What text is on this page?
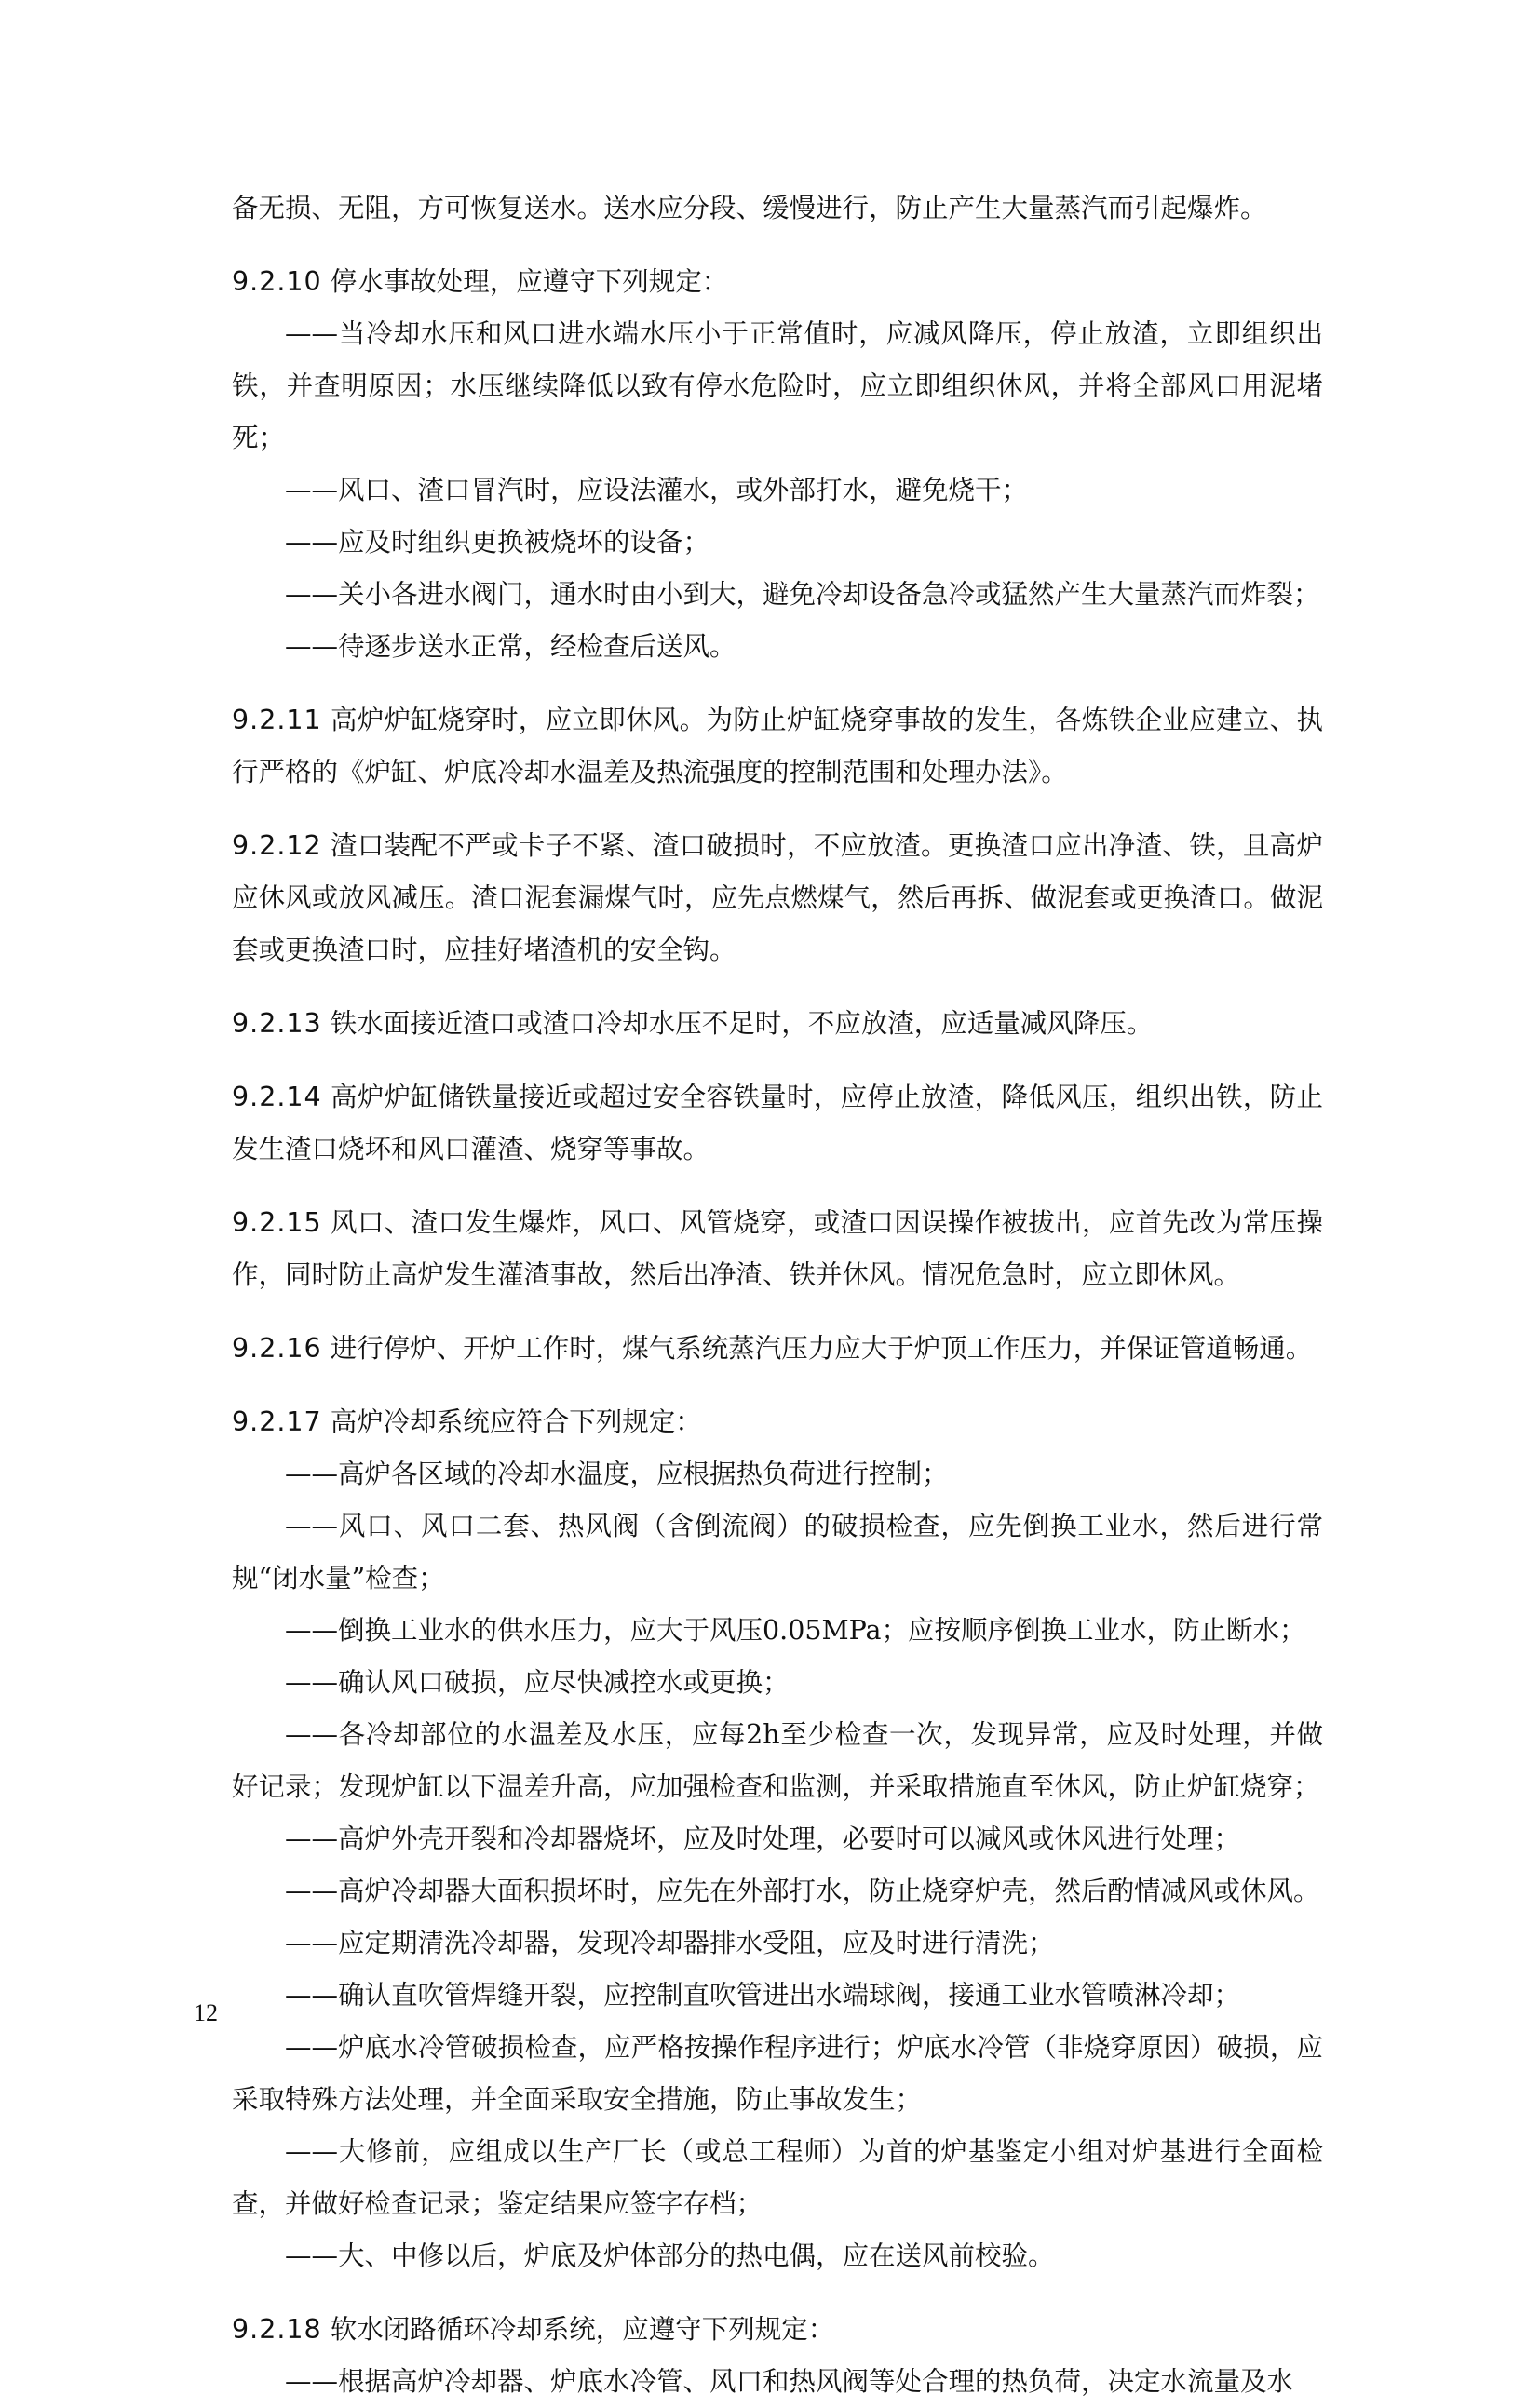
备无损、无阻，方可恢复送水。送水应分段、缓慢进行，防止产生大量蒸汽而引起爆炸。

9.2.10 停水事故处理，应遵守下列规定：

——当冷却水压和风口进水端水压小于正常值时，应减风降压，停止放渣，立即组织出铁，并查明原因；水压继续降低以致有停水危险时，应立即组织休风，并将全部风口用泥堵死；

——风口、渣口冒汽时，应设法灌水，或外部打水，避免烧干；

——应及时组织更换被烧坏的设备；

——关小各进水阀门，通水时由小到大，避免冷却设备急冷或猛然产生大量蒸汽而炸裂；

——待逐步送水正常，经检查后送风。

9.2.11 高炉炉缸烧穿时，应立即休风。为防止炉缸烧穿事故的发生，各炼铁企业应建立、执行严格的《炉缸、炉底冷却水温差及热流强度的控制范围和处理办法》。

9.2.12 渣口装配不严或卡子不紧、渣口破损时，不应放渣。更换渣口应出净渣、铁，且高炉应休风或放风减压。渣口泥套漏煤气时，应先点燃煤气，然后再拆、做泥套或更换渣口。做泥套或更换渣口时，应挂好堵渣机的安全钩。

9.2.13 铁水面接近渣口或渣口冷却水压不足时，不应放渣，应适量减风降压。

9.2.14 高炉炉缸储铁量接近或超过安全容铁量时，应停止放渣，降低风压，组织出铁，防止发生渣口烧坏和风口灌渣、烧穿等事故。

9.2.15 风口、渣口发生爆炸，风口、风管烧穿，或渣口因误操作被拔出，应首先改为常压操作，同时防止高炉发生灌渣事故，然后出净渣、铁并休风。情况危急时，应立即休风。

9.2.16 进行停炉、开炉工作时，煤气系统蒸汽压力应大于炉顶工作压力，并保证管道畅通。

9.2.17 高炉冷却系统应符合下列规定：

——高炉各区域的冷却水温度，应根据热负荷进行控制；

——风口、风口二套、热风阀（含倒流阀）的破损检查，应先倒换工业水，然后进行常规“闭水量”检查；

——倒换工业水的供水压力，应大于风压0.05MPa；应按顺序倒换工业水，防止断水；

——确认风口破损，应尽快减控水或更换；

——各冷却部位的水温差及水压，应每2h至少检查一次，发现异常，应及时处理，并做好记录；发现炉缸以下温差升高，应加强检查和监测，并采取措施直至休风，防止炉缸烧穿；

——高炉外壳开裂和冷却器烧坏，应及时处理，必要时可以减风或休风进行处理；

——高炉冷却器大面积损坏时，应先在外部打水，防止烧穿炉壳，然后酌情减风或休风。

——应定期清洗冷却器，发现冷却器排水受阻，应及时进行清洗；

——确认直吹管焊缝开裂，应控制直吹管进出水端球阀，接通工业水管喷淋冷却；

——炉底水冷管破损检查，应严格按操作程序进行；炉底水冷管（非烧穿原因）破损，应采取特殊方法处理，并全面采取安全措施，防止事故发生；

——大修前，应组成以生产厂长（或总工程师）为首的炉基鉴定小组对炉基进行全面检查，并做好检查记录；鉴定结果应签字存档；

——大、中修以后，炉底及炉体部分的热电偶，应在送风前校验。

9.2.18 软水闭路循环冷却系统，应遵守下列规定：

——根据高炉冷却器、炉底水冷管、风口和热风阀等处合理的热负荷，决定水流量及水

12
